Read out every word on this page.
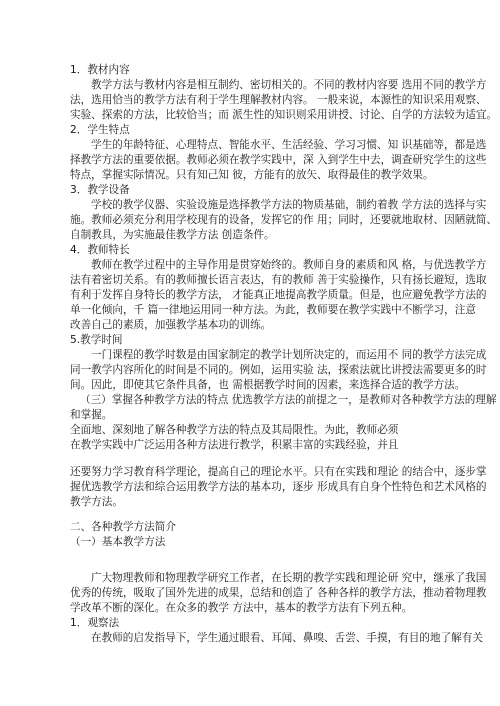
1．教材内容
教学方法与教材内容是相互制约、密切相关的。不同的教材内容要 选用不同的教学方
法，选用恰当的教学方法有利于学生理解教材内容。 一般来说，本源性的知识采用观察、
实验、探索的方法，比较恰当；而 派生性的知识则采用讲授、讨论、自学的方法较为适宜。
2．学生特点
学生的年龄特征、心理特点、智能水平、生活经验、学习习惯、知 识基础等，都是选
择教学方法的重要依据。教师必须在教学实践中，深 入到学生中去，调查研究学生的这些
特点，掌握实际情况。只有知己知 彼，方能有的放矢、取得最佳的教学效果。
3．教学设备
学校的教学仪器、实验设施是选择教学方法的物质基础，制约着教 学方法的选择与实
施。教师必须充分利用学校现有的设备，发挥它的作 用；同时，还要就地取材、因陋就简、
自制教具，为实施最佳教学方法 创造条件。
4．教师特长
教师在教学过程中的主导作用是贯穿始终的。教师自身的素质和风 格，与优选教学方
法有着密切关系。有的教师擅长语言表达，有的教师 善于实验操作，只有扬长避短，选取
有利于发挥自身特长的教学方法， 才能真正地提高教学质量。但是，也应避免教学方法的
单一化倾向，千 篇一律地运用同一种方法。为此，教师要在教学实践中不断学习，注意
改善自己的素质，加强教学基本功的训练。
5.教学时间
一门课程的教学时数是由国家制定的教学计划所决定的，而运用不 同的教学方法完成
同一教学内容所化的时间是不同的。例如，运用实验 法，探索法就比讲授法需要更多的时
间。因此，即使其它条件具备，也 需根据教学时间的因素，来选择合适的教学方法。
（三）掌握各种教学方法的特点 优选教学方法的前提之一，是教师对各种教学方法的理解
和掌握。
全面地、深刻地了解各种教学方法的特点及其局限性。为此，教师必须
在教学实践中广泛运用各种方法进行教学，积累丰富的实践经验，并且
还要努力学习教育科学理论，提高自己的理论水平。只有在实践和理论 的结合中，逐步掌
握优选教学方法和综合运用教学方法的基本功，逐步 形成具有自身个性特色和艺术风格的
教学方法。
二、各种教学方法简介
（一）基本教学方法
广大物理教师和物理教学研究工作者，在长期的教学实践和理论研 究中，继承了我国
优秀的传统，吸取了国外先进的成果，总结和创造了 各种各样的教学方法，推动着物理教
学改革不断的深化。在众多的教学 方法中，基本的教学方法有下列五种。
1．观察法
在教师的启发指导下，学生通过眼看、耳闻、鼻嗅、舌尝、手摸，有目的地了解有关
